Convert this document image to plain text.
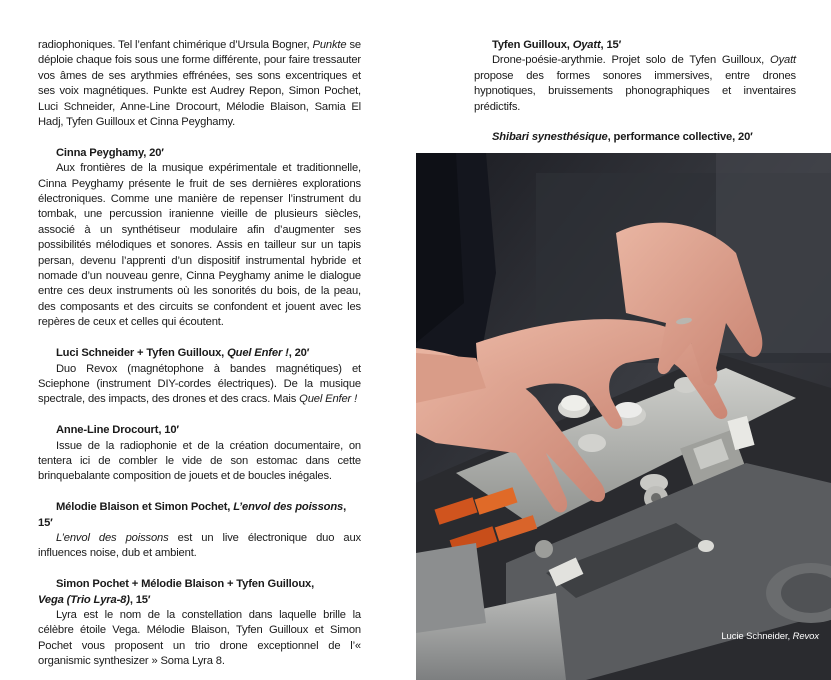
radiophoniques. Tel l’enfant chimérique d’Ursula Bogner, Punkte se déploie chaque fois sous une forme différente, pour faire tressauter vos âmes de ses arythmies effrénées, ses sons excentriques et ses voix magnétiques. Punkte est Audrey Repon, Simon Pochet, Luci Schneider, Anne-Line Drocourt, Mélodie Blaison, Samia El Hadj, Tyfen Guilloux et Cinna Peyghamy.

Cinna Peyghamy, 20′

Aux frontières de la musique expérimentale et traditionnelle, Cinna Peyghamy présente le fruit de ses dernières explorations électroniques. Comme une manière de repenser l’instrument du tombak, une percussion iranienne vieille de plusieurs siècles, associé à un synthétiseur modulaire afin d’augmenter ses possibilités mélodiques et sonores. Assis en tailleur sur un tapis persan, devenu l’apprenti d’un dispositif instrumental hybride et nomade d’un nouveau genre, Cinna Peyghamy anime le dialogue entre ces deux instruments où les sonorités du bois, de la peau, des composants et des circuits se confondent et jouent avec les repères de ceux et celles qui écoutent.

Luci Schneider + Tyfen Guilloux, Quel Enfer !, 20′

Duo Revox (magnétophone à bandes magnétiques) et Sciephone (instrument DIY-cordes électriques). De la musique spectrale, des impacts, des drones et des cracs. Mais Quel Enfer !

Anne-Line Drocourt, 10′

Issue de la radiophonie et de la création documentaire, on tentera ici de combler le vide de son estomac dans cette brinquebalante composition de jouets et de boucles inégales.

Mélodie Blaison et Simon Pochet, L’envol des poissons, 15′

L’envol des poissons est un live électronique duo aux influences noise, dub et ambient.

Simon Pochet + Mélodie Blaison + Tyfen Guilloux,
Vega (Trio Lyra-8), 15′

Lyra est le nom de la constellation dans laquelle brille la célèbre étoile Vega. Mélodie Blaison, Tyfen Guilloux et Simon Pochet vous proposent un trio drone exceptionnel de l’« organismic synthesizer » Soma Lyra 8.

Tyfen Guilloux, Oyatt, 15′

Drone-poésie-arythmie. Projet solo de Tyfen Guilloux, Oyatt propose des formes sonores immersives, entre drones hypnotiques, bruissements phonographiques et inventaires prédictifs.

Shibari synesthésique, performance collective, 20′

Lucie Schneider, Revox
